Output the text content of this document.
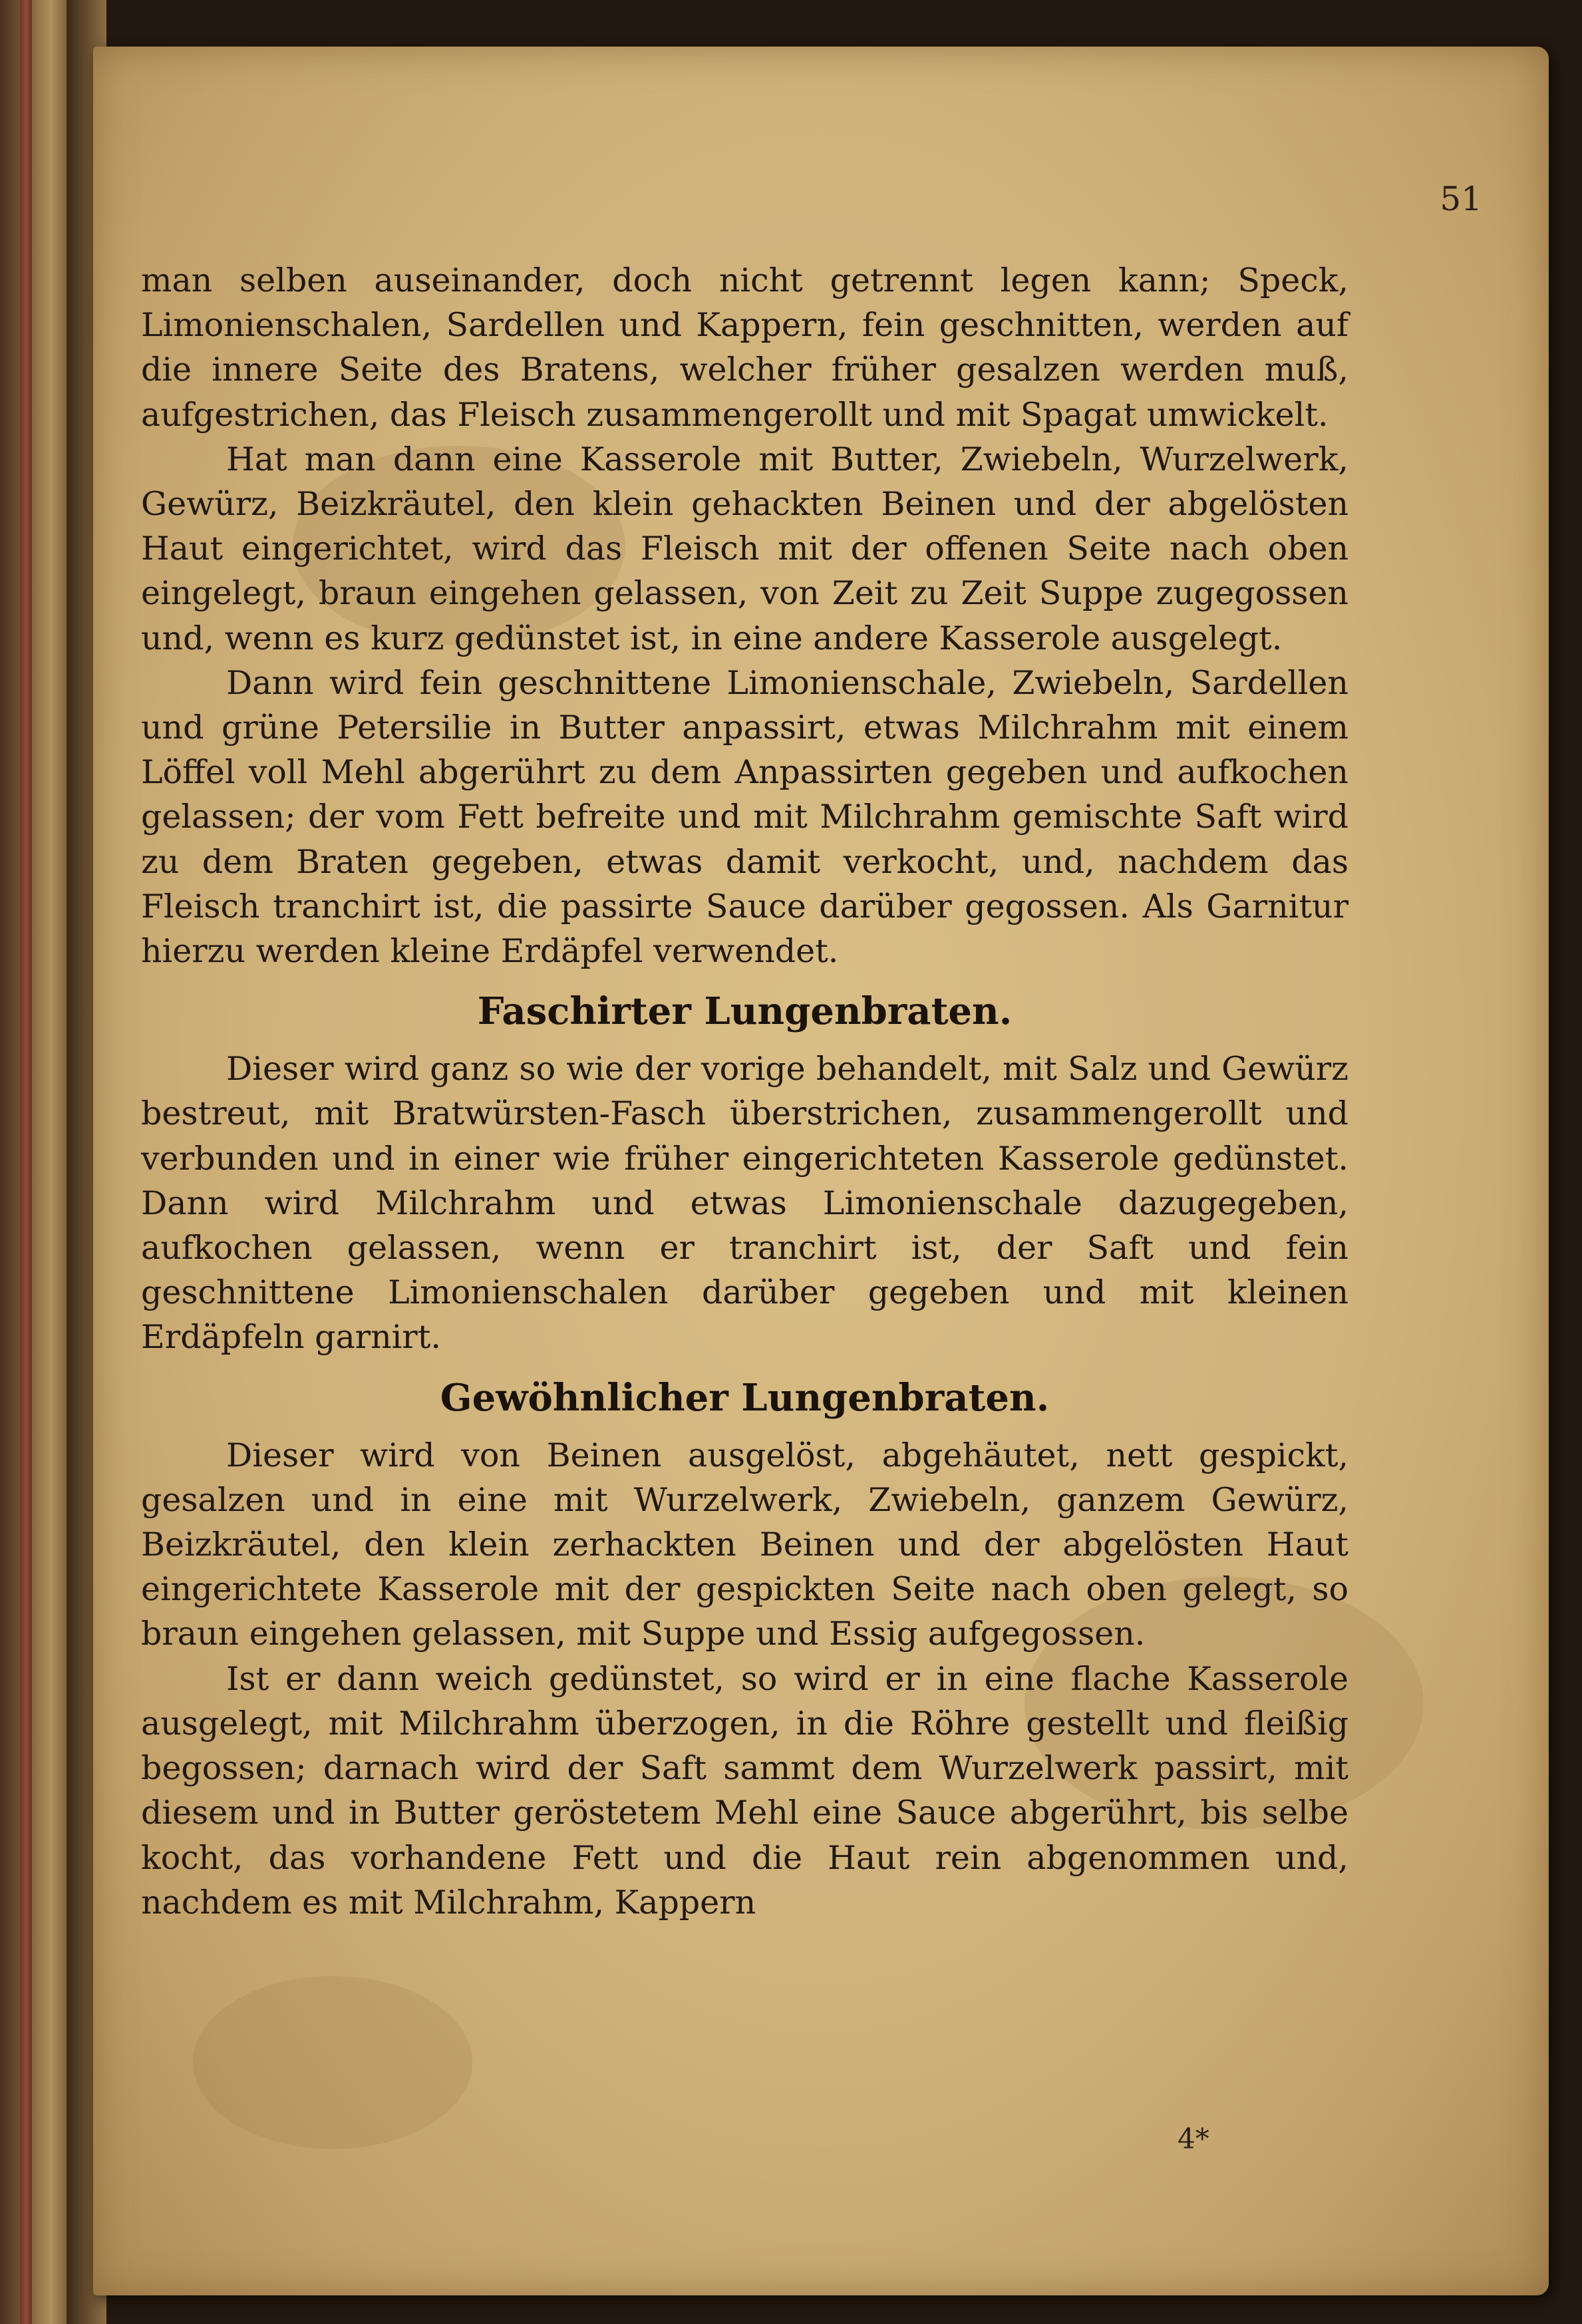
51

man selben auseinander, doch nicht getrennt legen kann; Speck, Limonienschalen, Sardellen und Kappern, fein geschnitten, werden auf die innere Seite des Bratens, welcher früher gesalzen werden muß, aufgestrichen, das Fleisch zusammengerollt und mit Spagat umwickelt.

Hat man dann eine Kasserole mit Butter, Zwiebeln, Wurzelwerk, Gewürz, Beizkräutel, den klein gehackten Beinen und der abgelösten Haut eingerichtet, wird das Fleisch mit der offenen Seite nach oben eingelegt, braun eingehen gelassen, von Zeit zu Zeit Suppe zugegossen und, wenn es kurz gedünstet ist, in eine andere Kasserole ausgelegt.

Dann wird fein geschnittene Limonienschale, Zwiebeln, Sardellen und grüne Petersilie in Butter anpassirt, etwas Milchrahm mit einem Löffel voll Mehl abgerührt zu dem Anpassirten gegeben und aufkochen gelassen; der vom Fett befreite und mit Milchrahm gemischte Saft wird zu dem Braten gegeben, etwas damit verkocht, und, nachdem das Fleisch tranchirt ist, die passirte Sauce darüber gegossen. Als Garnitur hierzu werden kleine Erdäpfel verwendet.

Faschirter Lungenbraten.

Dieser wird ganz so wie der vorige behandelt, mit Salz und Gewürz bestreut, mit Bratwürsten-Fasch überstrichen, zusammengerollt und verbunden und in einer wie früher eingerichteten Kasserole gedünstet. Dann wird Milchrahm und etwas Limonienschale dazugegeben, aufkochen gelassen, wenn er tranchirt ist, der Saft und fein geschnittene Limonienschalen darüber gegeben und mit kleinen Erdäpfeln garnirt.

Gewöhnlicher Lungenbraten.

Dieser wird von Beinen ausgelöst, abgehäutet, nett gespickt, gesalzen und in eine mit Wurzelwerk, Zwiebeln, ganzem Gewürz, Beizkräutel, den klein zerhackten Beinen und der abgelösten Haut eingerichtete Kasserole mit der gespickten Seite nach oben gelegt, so braun eingehen gelassen, mit Suppe und Essig aufgegossen.

Ist er dann weich gedünstet, so wird er in eine flache Kasserole ausgelegt, mit Milchrahm überzogen, in die Röhre gestellt und fleißig begossen; darnach wird der Saft sammt dem Wurzelwerk passirt, mit diesem und in Butter geröstetem Mehl eine Sauce abgerührt, bis selbe kocht, das vorhandene Fett und die Haut rein abgenommen und, nachdem es mit Milchrahm, Kappern

4*
